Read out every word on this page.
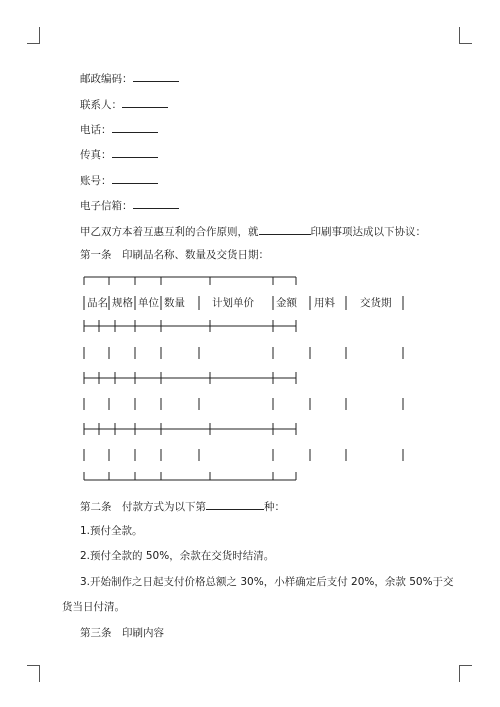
邮政编码：
联系人：
电话：
传真：
账号：
电子信箱：
甲乙双方本着互惠互利的合作原则，就	印刷事项达成以下协议：
第一条　印刷品名称、数量及交货日期：
品名 规格 单位 数量	计划单价 金额 用料 交货期
第二条　付款方式为以下第	种：
1.预付全款。
2.预付全款的 50%，余款在交货时结清。
3.开始制作之日起支付价格总额之 30%，小样确定后支付 20%，余款 50%于交
货当日付清。
第三条　印刷内容
